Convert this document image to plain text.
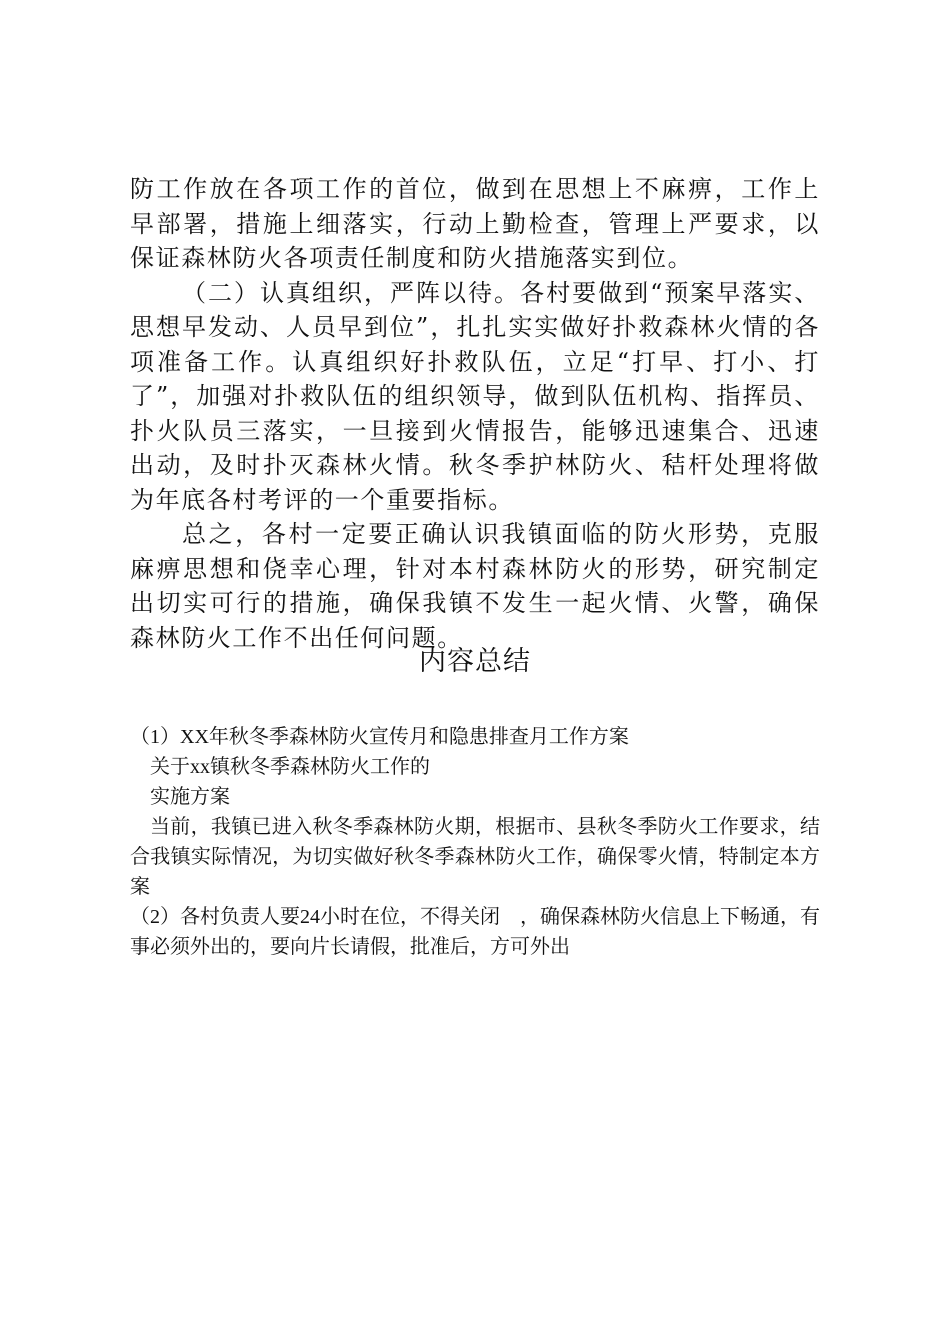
防工作放在各项工作的首位，做到在思想上不麻痹，工作上早部署，措施上细落实，行动上勤检查，管理上严要求，以保证森林防火各项责任制度和防火措施落实到位。

（二）认真组织，严阵以待。各村要做到“预案早落实、思想早发动、人员早到位”，扎扎实实做好扑救森林火情的各项准备工作。认真组织好扑救队伍，立足“打早、打小、打了”，加强对扑救队伍的组织领导，做到队伍机构、指挥员、扑火队员三落实，一旦接到火情报告，能够迅速集合、迅速出动，及时扑灭森林火情。秋冬季护林防火、秸杆处理将做为年底各村考评的一个重要指标。

总之，各村一定要正确认识我镇面临的防火形势，克服麻痹思想和侥幸心理，针对本村森林防火的形势，研究制定出切实可行的措施，确保我镇不发生一起火情、火警，确保森林防火工作不出任何问题。

内容总结

（1）XX年秋冬季森林防火宣传月和隐患排查月工作方案

关于xx镇秋冬季森林防火工作的

实施方案

当前，我镇已进入秋冬季森林防火期，根据市、县秋冬季防火工作要求，结合我镇实际情况，为切实做好秋冬季森林防火工作，确保零火情，特制定本方案

（2）各村负责人要24小时在位，不得关闭　，确保森林防火信息上下畅通，有事必须外出的，要向片长请假，批准后，方可外出
